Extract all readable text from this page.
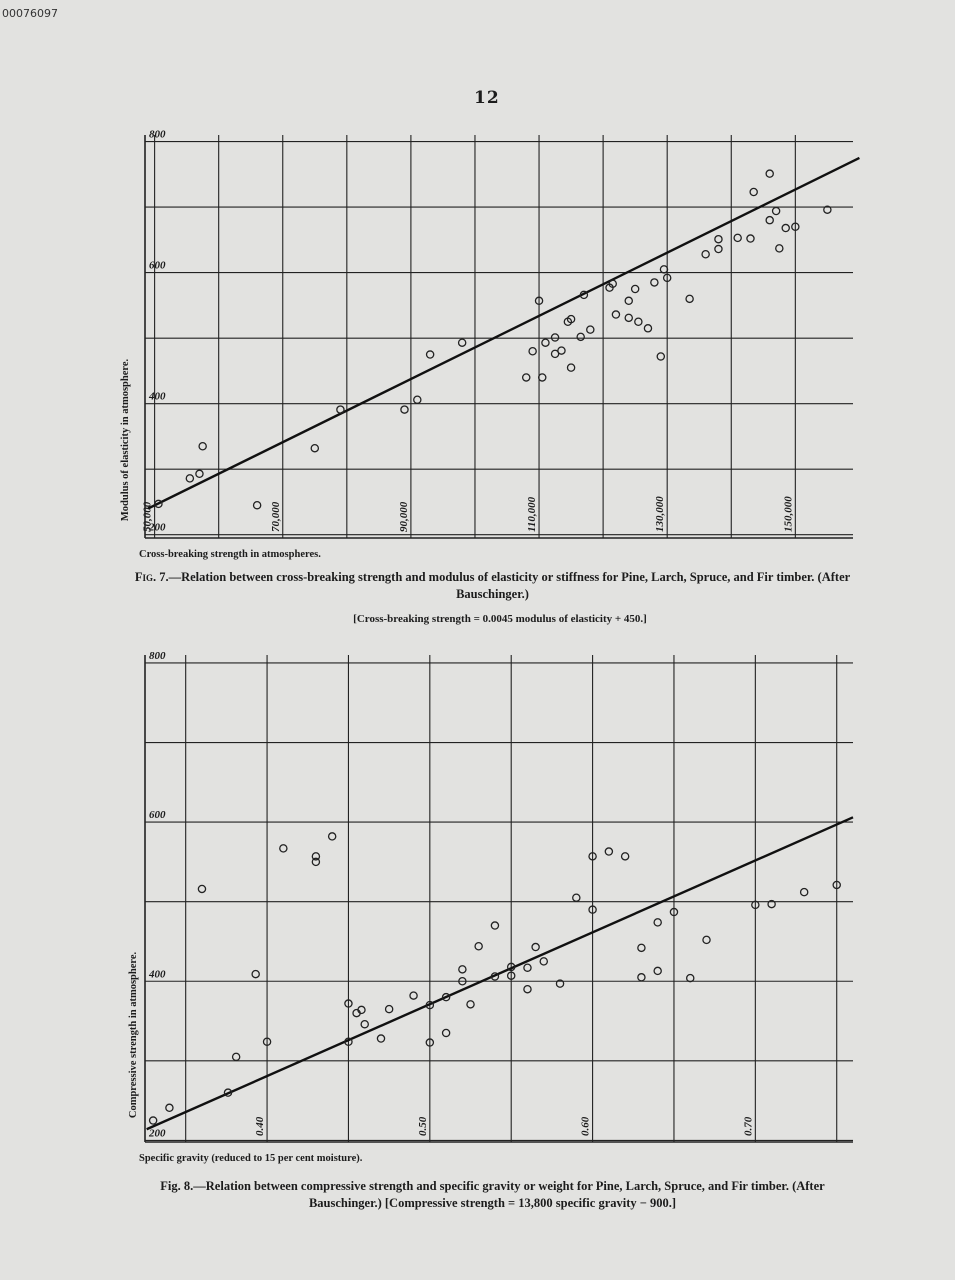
00076097
12
200
400
600
800
50,000	70,000	90,000	110,000	130,000	150,000
Modulus of elasticity in atmosphere.
Cross-breaking strength in atmospheres.
Fig. 7.—Relation between cross-breaking strength and modulus of elasticity or stiffness for Pine, Larch, Spruce, and Fir timber. (After Bauschinger.)
[Cross-breaking strength = 0.0045 modulus of elasticity + 450.]
200
400
600
800
0.40	0.50	0.60	0.70
Compressive strength in atmosphere.
Specific gravity (reduced to 15 per cent moisture).
Fig. 8.—Relation between compressive strength and specific gravity or weight for Pine, Larch, Spruce, and Fir timber. (After Bauschinger.) [Compressive strength = 13,800 specific gravity − 900.]
